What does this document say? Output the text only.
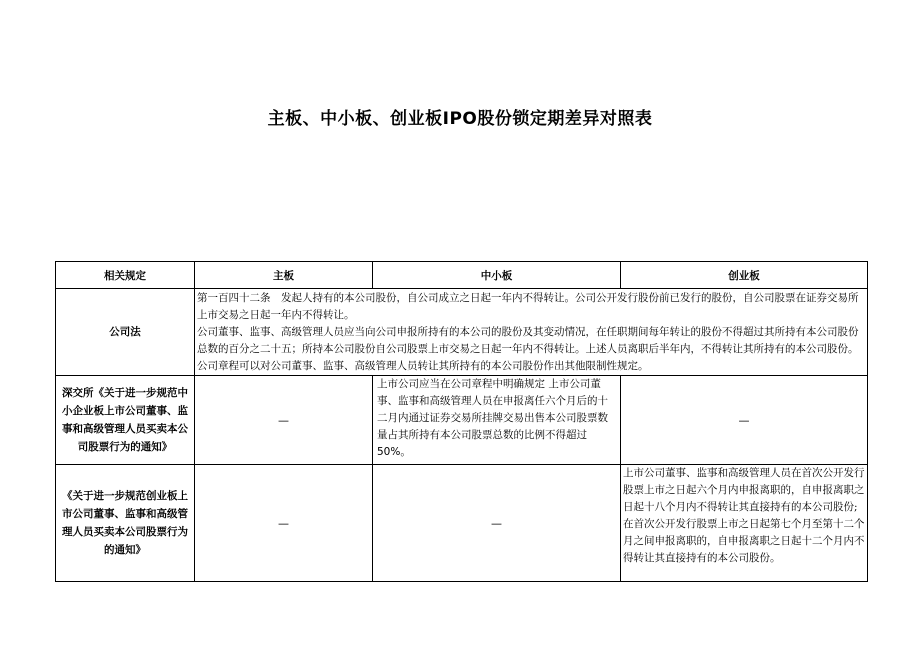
主板、中小板、创业板IPO股份锁定期差异对照表
相关规定	主板	中小板	创业板
公司法	第一百四十二条　发起人持有的本公司股份，自公司成立之日起一年内不得转让。公司公开发行股份前已发行的股份，自公司股票在证券交易所上市交易之日起一年内不得转让。
公司董事、监事、高级管理人员应当向公司申报所持有的本公司的股份及其变动情况，在任职期间每年转让的股份不得超过其所持有本公司股份总数的百分之二十五；所持本公司股份自公司股票上市交易之日起一年内不得转让。上述人员离职后半年内，不得转让其所持有的本公司股份。公司章程可以对公司董事、监事、高级管理人员转让其所持有的本公司股份作出其他限制性规定。		

深交所《关于进一步规范中小企业板上市公司董事、监事和高级管理人员买卖本公司股票行为的通知》	—	上市公司应当在公司章程中明确规定 上市公司董事、监事和高级管理人员在申报离任六个月后的十二月内通过证券交易所挂牌交易出售本公司股票数量占其所持有本公司股票总数的比例不得超过50%。	—
《关于进一步规范创业板上市公司董事、监事和高级管理人员买卖本公司股票行为的通知》	—	—	上市公司董事、监事和高级管理人员在首次公开发行股票上市之日起六个月内申报离职的，自申报离职之日起十八个月内不得转让其直接持有的本公司股份; 在首次公开发行股票上市之日起第七个月至第十二个月之间申报离职的，自申报离职之日起十二个月内不得转让其直接持有的本公司股份。
